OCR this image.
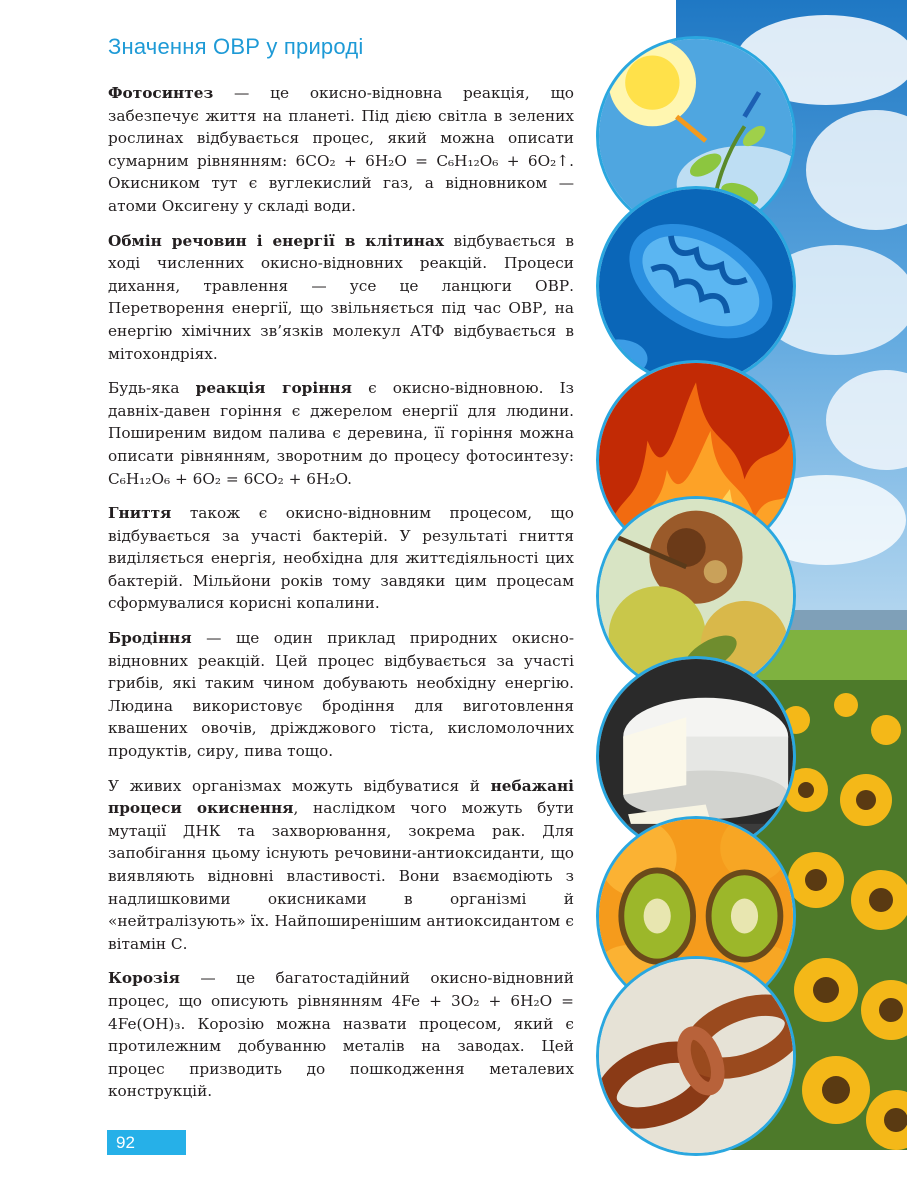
Значення ОВР у природі

Фотосинтез — це окисно-відновна реакція, що забезпечує життя на планеті. Під дією світла в зелених рослинах відбувається процес, який можна описати сумарним рівнянням: 6CO₂ + 6H₂O = C₆H₁₂O₆ + 6O₂↑. Окисником тут є вуглекислий газ, а відновником — атоми Оксигену у складі води.

Обмін речовин і енергії в клітинах відбувається в ході численних окисно-відновних реакцій. Процеси дихання, травлення — усе це ланцюги ОВР. Перетворення енергії, що звільняється під час ОВР, на енергію хімічних зв’язків молекул АТФ відбувається в мітохондріях.

Будь-яка реакція горіння є окисно-відновною. Із давніх-давен горіння є джерелом енергії для людини. Поширеним видом палива є деревина, її горіння можна описати рівнянням, зворотним до процесу фотосинтезу: C₆H₁₂O₆ + 6O₂ = 6CO₂ + 6H₂O.

Гниття також є окисно-відновним процесом, що відбувається за участі бактерій. У результаті гниття виділяється енергія, необхідна для життєдіяльності цих бактерій. Мільйони років тому завдяки цим процесам сформувалися корисні копалини.

Бродіння — ще один приклад природних окисно-відновних реакцій. Цей процес відбувається за участі грибів, які таким чином добувають необхідну енергію. Людина використовує бродіння для виготовлення квашених овочів, дріжджового тіста, кисломолочних продуктів, сиру, пива тощо.

У живих організмах можуть відбуватися й небажані процеси окиснення, наслідком чого можуть бути мутації ДНК та захворювання, зокрема рак. Для запобігання цьому існують речовини-антиоксиданти, що виявляють відновні властивості. Вони взаємодіють з надлишковими окисниками в організмі й «нейтралізують» їх. Найпоширенішим антиоксидантом є вітамін С.

Корозія — це багатостадійний окисно-відновний процес, що описують рівнянням 4Fe + 3O₂ + 6H₂O = 4Fe(OH)₃. Корозію можна назвати процесом, який є протилежним добуванню металів на заводах. Цей процес призводить до пошкодження металевих конструкцій.

92
